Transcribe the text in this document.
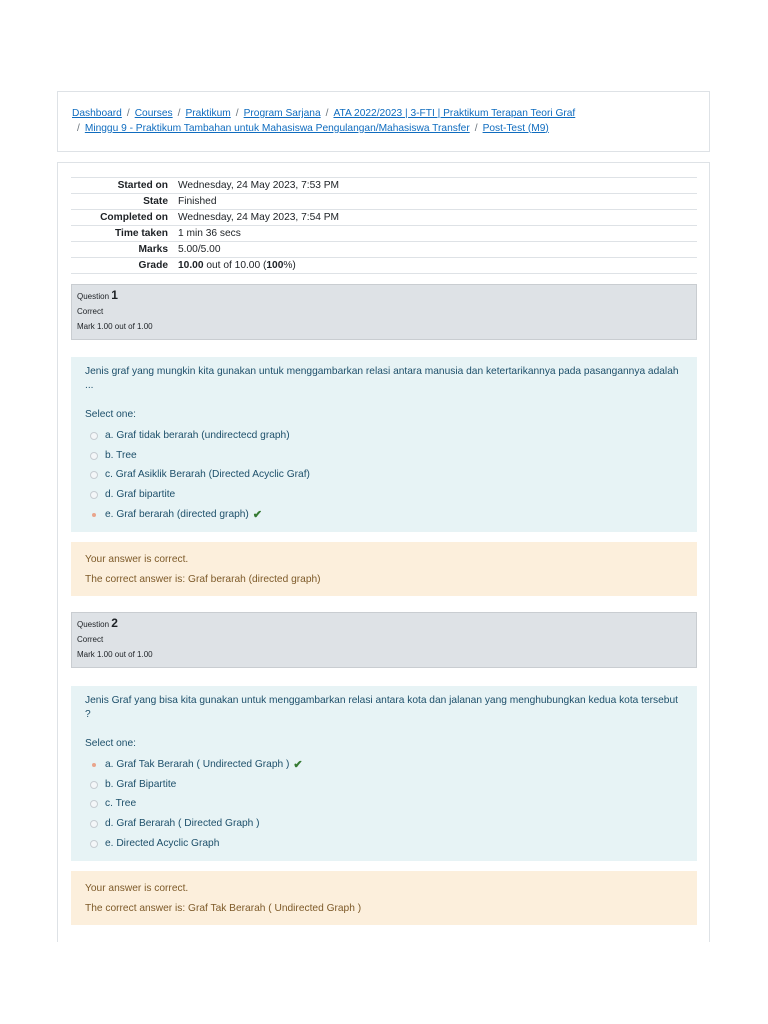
Dashboard / Courses / Praktikum / Program Sarjana / ATA 2022/2023 | 3-FTI | Praktikum Terapan Teori Graf
/ Minggu 9 - Praktikum Tambahan untuk Mahasiswa Pengulangan/Mahasiswa Transfer / Post-Test (M9)
Started on	Wednesday, 24 May 2023, 7:53 PM
State	Finished
Completed on	Wednesday, 24 May 2023, 7:54 PM
Time taken	1 min 36 secs
Marks	5.00/5.00
Grade	10.00 out of 10.00 (100%)
Question 1
Correct
Mark 1.00 out of 1.00
Jenis graf yang mungkin kita gunakan untuk menggambarkan relasi antara manusia dan ketertarikannya pada pasangannya adalah ...
Select one:
a. Graf tidak berarah (undirectecd graph)
b. Tree
c. Graf Asiklik Berarah (Directed Acyclic Graf)
d. Graf bipartite
e. Graf berarah (directed graph) ✔
Your answer is correct.
The correct answer is: Graf berarah (directed graph)
Question 2
Correct
Mark 1.00 out of 1.00
Jenis Graf yang bisa kita gunakan untuk menggambarkan relasi antara kota dan jalanan yang menghubungkan kedua kota tersebut ?
Select one:
a. Graf Tak Berarah ( Undirected Graph ) ✔
b. Graf Bipartite
c. Tree
d. Graf Berarah ( Directed Graph )
e. Directed Acyclic Graph
Your answer is correct.
The correct answer is: Graf Tak Berarah ( Undirected Graph )
